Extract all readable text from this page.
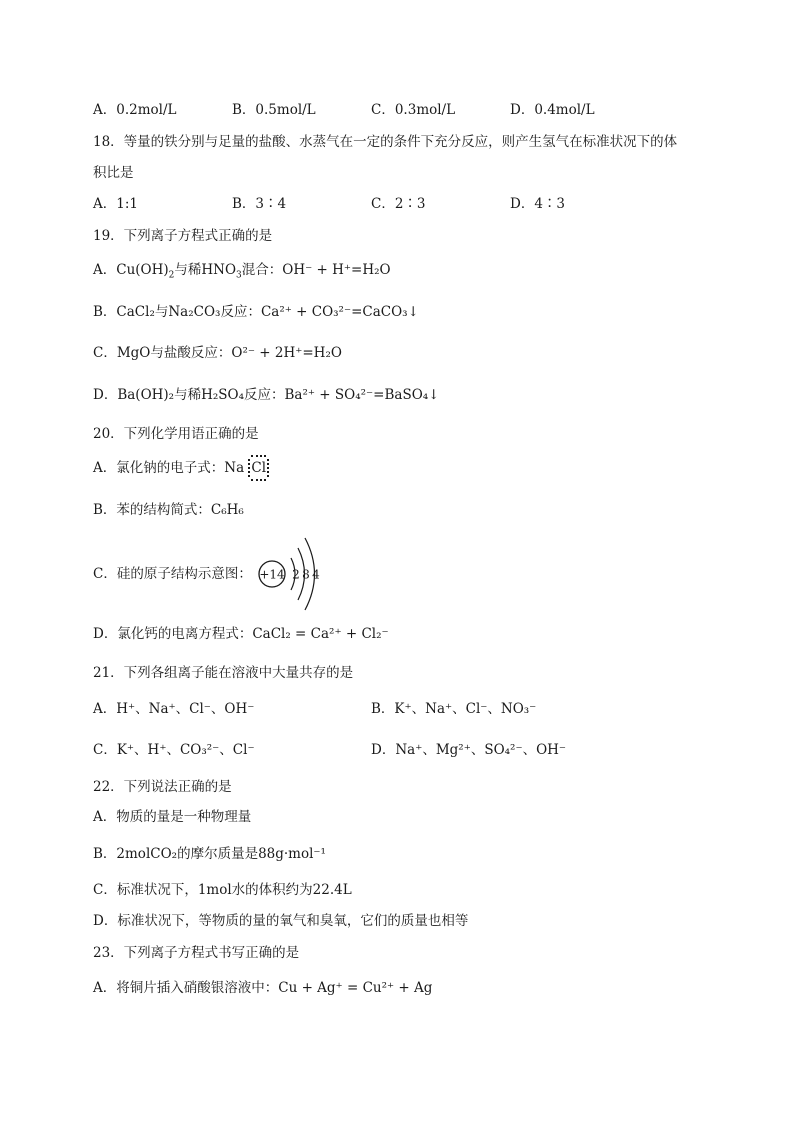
A．0.2mol/L	B．0.5mol/L	C．0.3mol/L	D．0.4mol/L
18．等量的铁分别与足量的盐酸、水蒸气在一定的条件下充分反应，则产生氢气在标准状况下的体
积比是
A．1:1	B．3∶4	C．2∶3	D．4∶3
19．下列离子方程式正确的是
A．$Cu(OH)_2$与稀$HNO_3$混合：OH⁻ + H⁺=H₂O
B．CaCl₂与Na₂CO₃反应：Ca²⁺ + CO₃²⁻=CaCO₃↓
C．MgO与盐酸反应：O²⁻ + 2H⁺=H₂O
D．Ba(OH)₂与稀H₂SO₄反应：Ba²⁺ + SO₄²⁻=BaSO₄↓
20．下列化学用语正确的是
A．氯化钠的电子式：Na Cl
B．苯的结构简式：C₆H₆
C．硅的原子结构示意图： +14 2 8 4
D．氯化钙的电离方程式：CaCl₂ = Ca²⁺ + Cl₂⁻
21．下列各组离子能在溶液中大量共存的是
A．H⁺、Na⁺、Cl⁻、OH⁻	B．K⁺、Na⁺、Cl⁻、NO₃⁻
C．K⁺、H⁺、CO₃²⁻、Cl⁻	D．Na⁺、Mg²⁺、SO₄²⁻、OH⁻
22．下列说法正确的是
A．物质的量是一种物理量
B．2molCO₂的摩尔质量是88g·mol⁻¹
C．标准状况下，1mol水的体积约为22.4L
D．标准状况下，等物质的量的氧气和臭氧，它们的质量也相等
23．下列离子方程式书写正确的是
A．将铜片插入硝酸银溶液中：Cu + Ag⁺ = Cu²⁺ + Ag
